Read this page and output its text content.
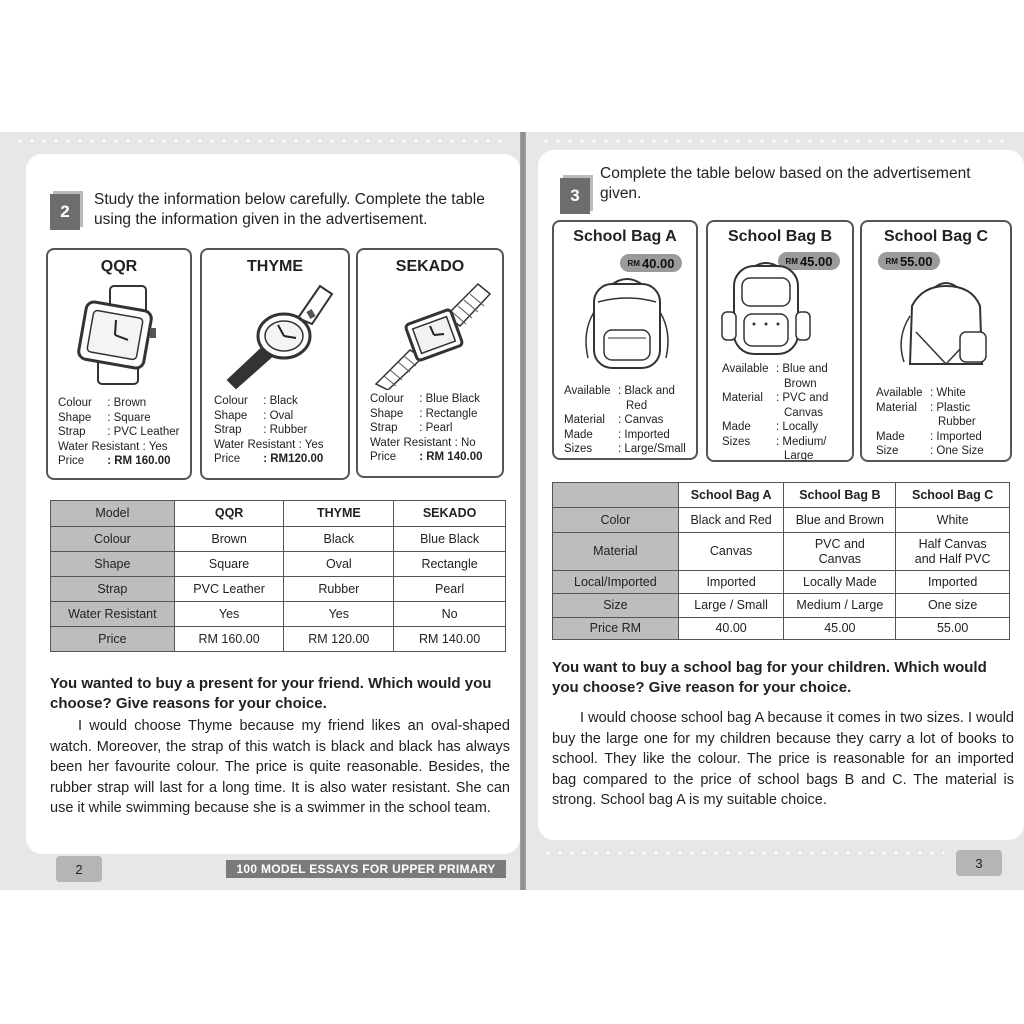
2
Study the information below carefully. Complete the table using the information given in the advertisement.
QQR
Colour : Brown
Shape : Square
Strap : PVC Leather
Water Resistant : Yes
Price : RM 160.00
THYME
Colour : Black
Shape : Oval
Strap : Rubber
Water Resistant : Yes
Price : RM120.00
SEKADO
Colour : Blue Black
Shape : Rectangle
Strap : Pearl
Water Resistant : No
Price : RM 140.00
Model	QQR	THYME	SEKADO
Colour	Brown	Black	Blue Black
Shape	Square	Oval	Rectangle
Strap	PVC Leather	Rubber	Pearl
Water Resistant	Yes	Yes	No
Price	RM 160.00	RM 120.00	RM 140.00
You wanted to buy a present for your friend. Which would you choose? Give reasons for your choice.
I would choose Thyme because my friend likes an oval-shaped watch. Moreover, the strap of this watch is black and black has always been her favourite colour. The price is quite reasonable. Besides, the rubber strap will last for a long time. It is also water resistant. She can use it while swimming because she is a swimmer in the school team.
2	100 MODEL ESSAYS FOR UPPER PRIMARY
3
Complete the table below based on the advertisement given.
School Bag A
RM 40.00
Available : Black and
Red
Material : Canvas
Made : Imported
Sizes : Large/Small
School Bag B
RM 45.00
Available : Blue and
Brown
Material : PVC and
Canvas
Made : Locally
Sizes : Medium/
Large
School Bag C
RM 55.00
Available : White
Material : Plastic
Rubber
Made : Imported
Size	: One Size
	School Bag A	School Bag B	School Bag C
Color	Black and Red	Blue and Brown	White
Material	Canvas	PVC and Canvas	Half Canvas and Half PVC
Local/Imported	Imported	Locally Made	Imported
Size	Large / Small	Medium / Large	One size
Price RM	40.00	45.00	55.00
You want to buy a school bag for your children. Which would you choose? Give reason for your choice.
I would choose school bag A because it comes in two sizes. I would buy the large one for my children because they carry a lot of books to school. They like the colour. The price is reasonable for an imported bag compared to the price of school bags B and C. The material is strong. School bag A is my suitable choice.
3
